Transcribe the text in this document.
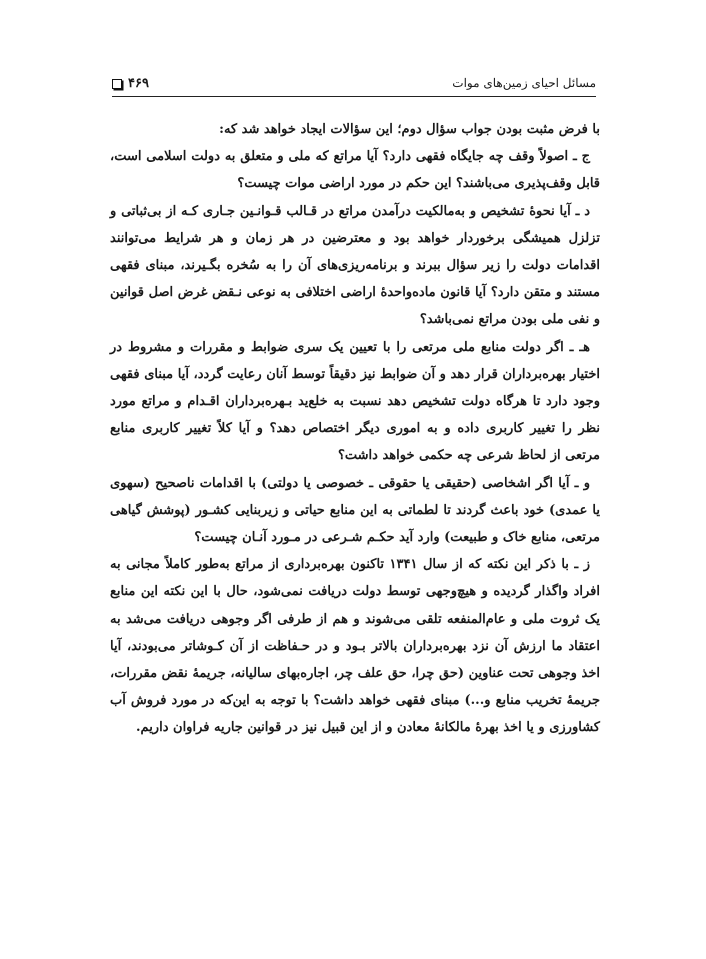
۴۶۹	مسائل احیای زمین‌های موات

با فرض مثبت بودن جواب سؤال دوم؛ این سؤالات ایجاد خواهد شد که:

ج ـ اصولاً وقف چه جایگاه فقهی دارد؟ آیا مراتع که ملی و متعلق به دولت اسلامی است، قابل وقف‌پذیری می‌باشند؟ این حکم در مورد اراضی موات چیست؟

د ـ آیا نحوهٔ تشخیص و به‌مالکیت درآمدن مراتع در قـالب قـوانـین جـاری کـه از بی‌ثباتی و تزلزل همیشگی برخوردار خواهد بود و معترضین در هر زمان و هر شرایط می‌توانند اقدامات دولت را زیر سؤال ببرند و برنامه‌ریزی‌های آن را به سُخره بگـیرند، مبنای فقهی مستند و متقن دارد؟ آیا قانون ماده‌واحدهٔ اراضی اختلافی به نوعی نـقض غرض اصل قوانین و نفی ملی بودن مراتع نمی‌باشد؟

هـ ـ اگر دولت منابع ملی مرتعی را با تعیین یک سری ضوابط و مقررات و مشروط در اختیار بهره‌برداران قرار دهد و آن ضوابط نیز دقیقاً توسط آنان رعایت گردد، آیا مبنای فقهی وجود دارد تا هرگاه دولت تشخیص دهد نسبت به خلع‌ید بـهره‌برداران اقـدام و مراتع مورد نظر را تغییر کاربری داده و به اموری دیگر اختصاص دهد؟ و آیا کلاً تغییر کاربری منابع مرتعی از لحاظ شرعی چه حکمی خواهد داشت؟

و ـ آیا اگر اشخاصی (حقیقی یا حقوقی ـ خصوصی یا دولتی) با اقدامات ناصحیح (سهوی یا عمدی) خود باعث گردند تا لطماتی به این منابع حیاتی و زیربنایی کشـور (پوشش گیاهی مرتعی، منابع خاک و طبیعت) وارد آید حکـم شـرعی در مـورد آنـان چیست؟

ز ـ با ذکر این نکته که از سال ۱۳۴۱ تاکنون بهره‌برداری از مراتع به‌طور کاملاً مجانی به افراد واگذار گردیده و هیچ‌وجهی توسط دولت دریافت نمی‌شود، حال با این نکته این منابع یک ثروت ملی و عام‌المنفعه تلقی می‌شوند و هم از طرفی اگر وجوهی دریافت می‌شد به اعتقاد ما ارزش آن نزد بهره‌برداران بالاتر بـود و در حـفاظت از آن کـوشاتر می‌بودند، آیا اخذ وجوهی تحت عناوین (حق چرا، حق علف چر، اجاره‌بهای سالیانه، جریمهٔ نقض مقررات، جریمهٔ تخریب منابع و...) مبنای فقهی خواهد داشت؟ با توجه به این‌که در مورد فروش آب کشاورزی و یا اخذ بهرهٔ مالکانهٔ معادن و از این قبیل نیز در قوانین جاریه فراوان داریم.
